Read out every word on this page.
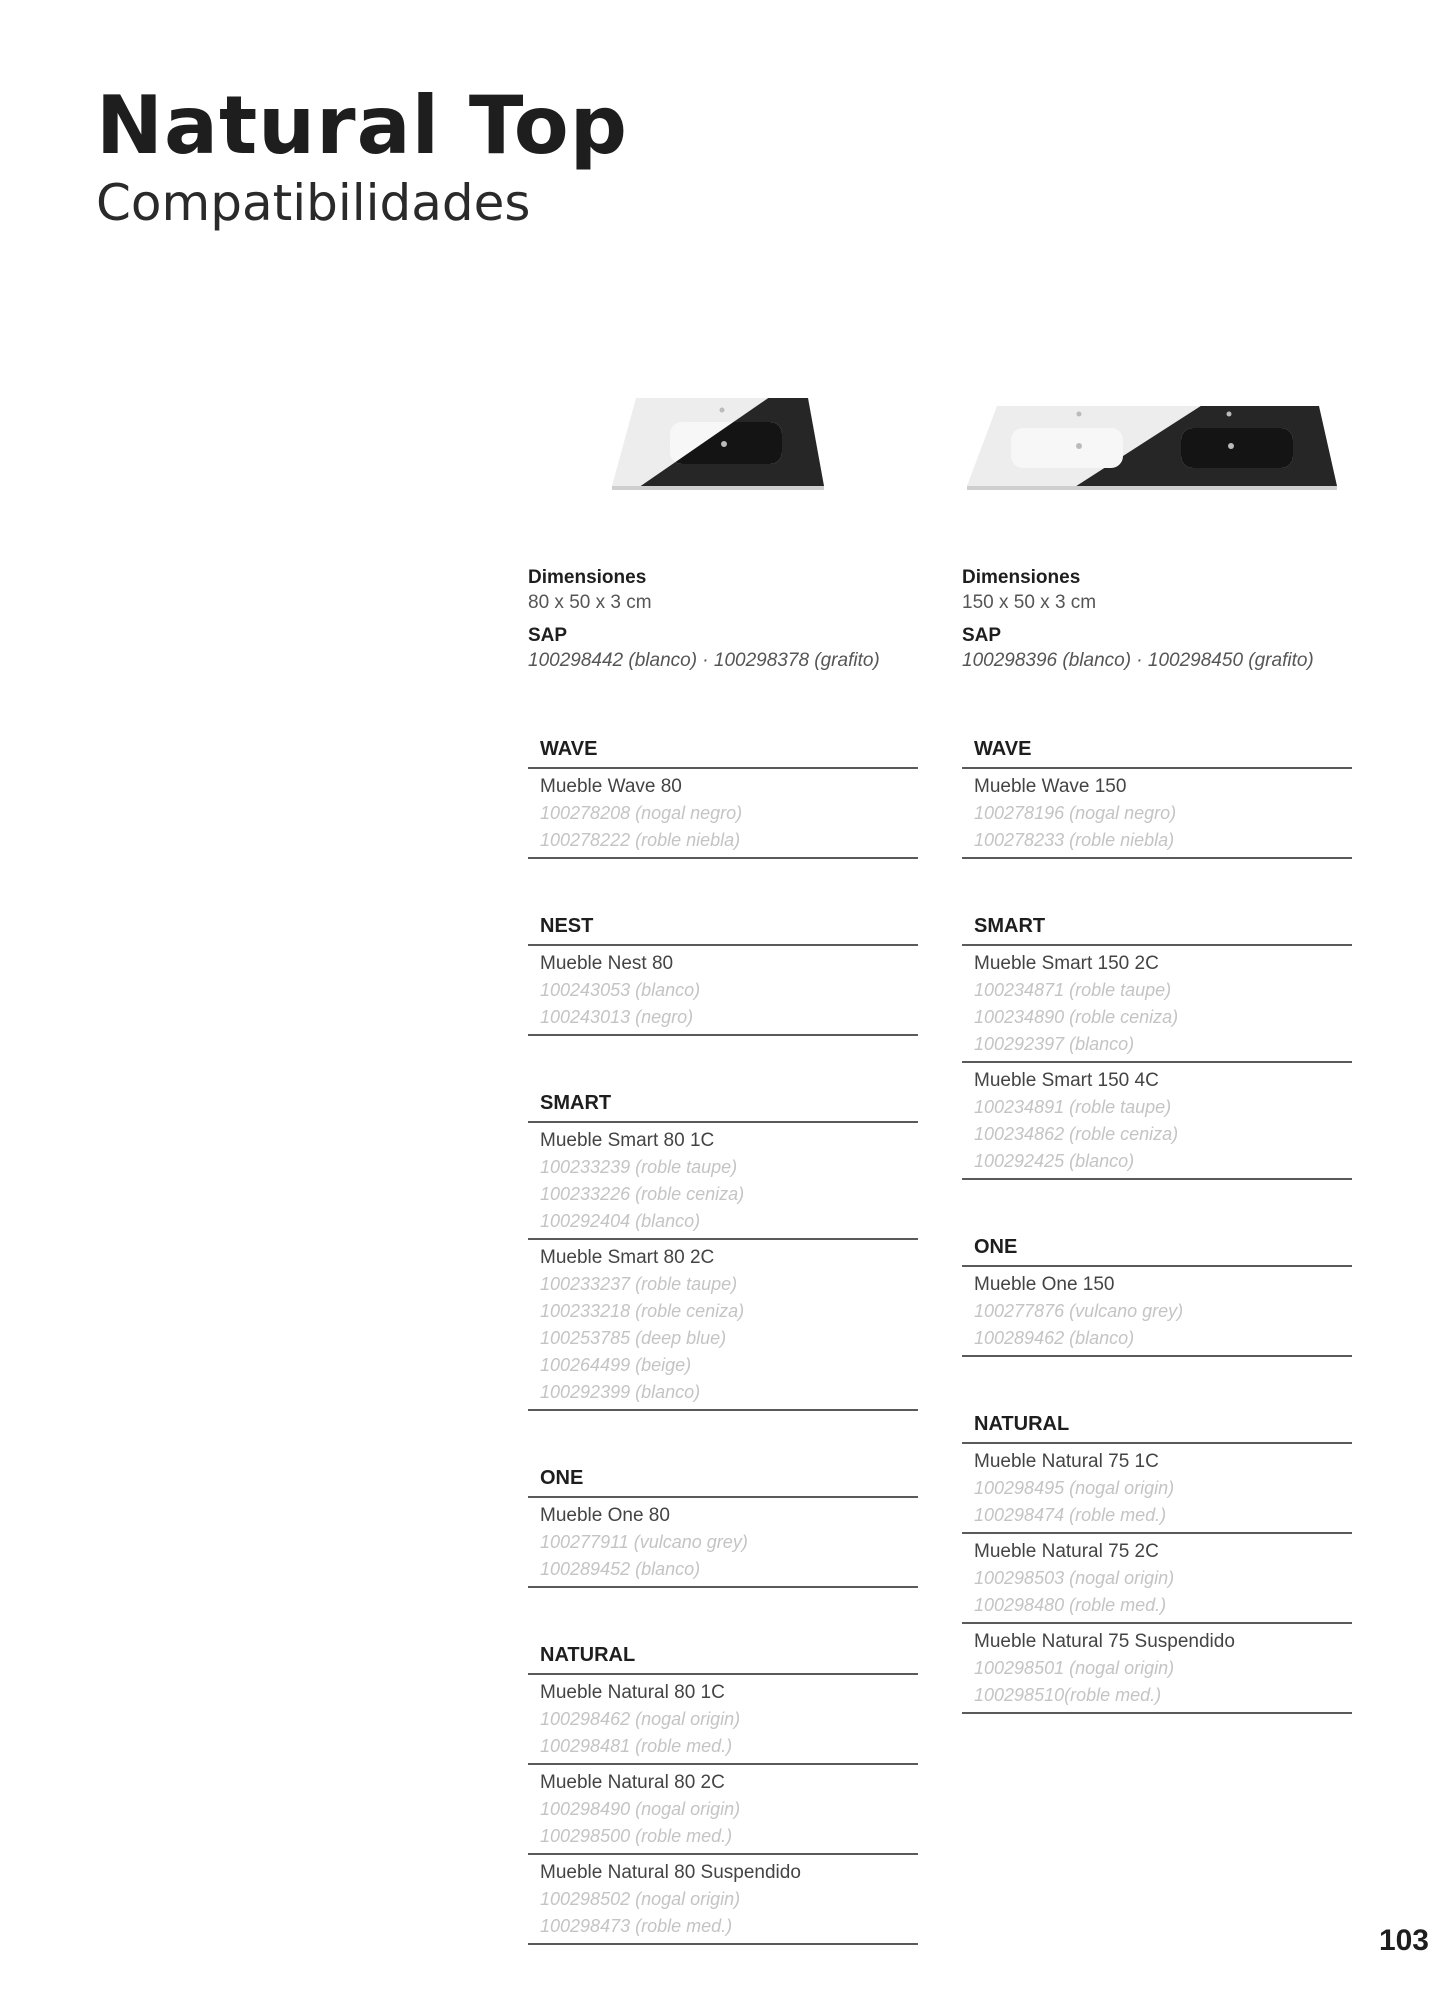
Natural Top
Compatibilidades
Dimensiones
80 x 50 x 3 cm
SAP
100298442 (blanco) · 100298378 (grafito)
Dimensiones
150 x 50 x 3 cm
SAP
100298396 (blanco) · 100298450 (grafito)
WAVE
Mueble Wave 80
100278208 (nogal negro)
100278222 (roble niebla)
NEST
Mueble Nest 80
100243053 (blanco)
100243013 (negro)
SMART
Mueble Smart 80 1C
100233239 (roble taupe)
100233226 (roble ceniza)
100292404 (blanco)
Mueble Smart 80 2C
100233237 (roble taupe)
100233218 (roble ceniza)
100253785 (deep blue)
100264499 (beige)
100292399 (blanco)
ONE
Mueble One 80
100277911 (vulcano grey)
100289452 (blanco)
NATURAL
Mueble Natural 80 1C
100298462 (nogal origin)
100298481 (roble med.)
Mueble Natural 80 2C
100298490 (nogal origin)
100298500 (roble med.)
Mueble Natural 80 Suspendido
100298502 (nogal origin)
100298473 (roble med.)
WAVE
Mueble Wave 150
100278196 (nogal negro)
100278233 (roble niebla)
SMART
Mueble Smart 150 2C
100234871 (roble taupe)
100234890 (roble ceniza)
100292397 (blanco)
Mueble Smart 150 4C
100234891 (roble taupe)
100234862 (roble ceniza)
100292425 (blanco)
ONE
Mueble One 150
100277876 (vulcano grey)
100289462 (blanco)
NATURAL
Mueble Natural 75 1C
100298495 (nogal origin)
100298474 (roble med.)
Mueble Natural 75 2C
100298503 (nogal origin)
100298480 (roble med.)
Mueble Natural 75 Suspendido
100298501 (nogal origin)
100298510(roble med.)
103
